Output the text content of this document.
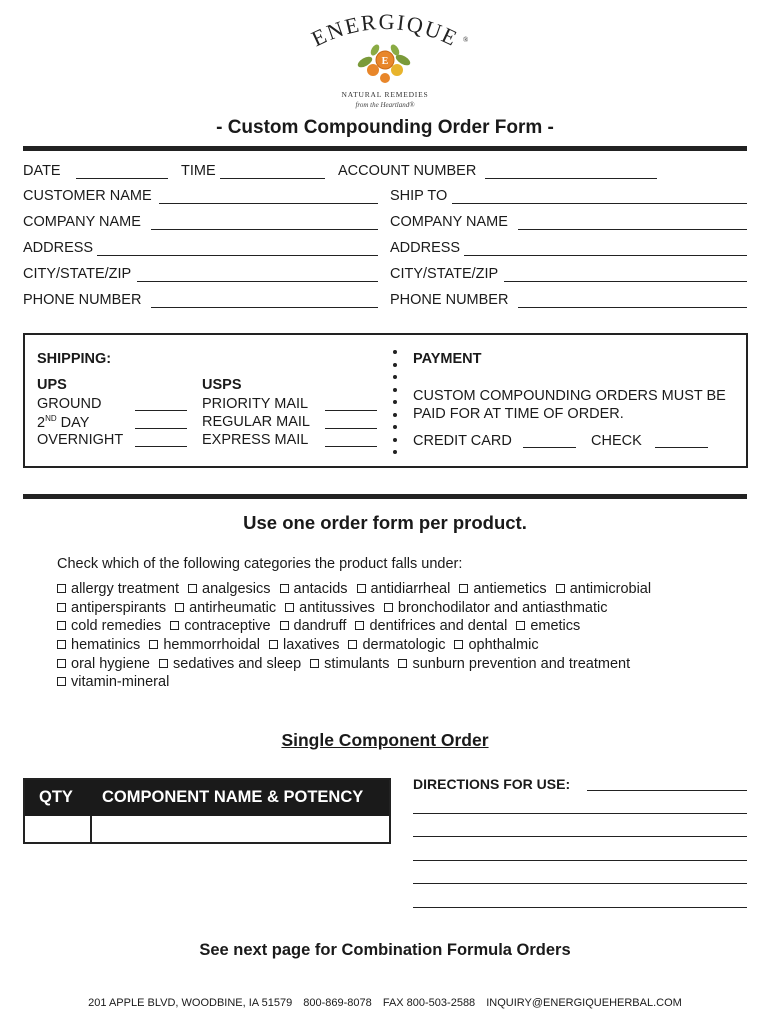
ENERGIQUE ®
E
NATURAL REMEDIES
from the Heartland®
- Custom Compounding Order Form -
DATE	TIME	ACCOUNT NUMBER
CUSTOMER NAME
COMPANY NAME
ADDRESS
CITY/STATE/ZIP
PHONE NUMBER
SHIP TO
COMPANY NAME
ADDRESS
CITY/STATE/ZIP
PHONE NUMBER
SHIPPING:
UPS
GROUND
2ND DAY
OVERNIGHT
USPS
PRIORITY MAIL
REGULAR MAIL
EXPRESS MAIL
PAYMENT
CUSTOM COMPOUNDING ORDERS MUST BE
PAID FOR AT TIME OF ORDER.
CREDIT CARD	CHECK
Use one order form per product.
Check which of the following categories the product falls under:
allergy treatment analgesics antacids antidiarrheal antiemetics antimicrobial
antiperspirants antirheumatic antitussives bronchodilator and antiasthmatic
cold remedies contraceptive dandruff dentifrices and dental emetics
hematinics hemmorrhoidal laxatives dermatologic ophthalmic
oral hygiene sedatives and sleep stimulants sunburn prevention and treatment
vitamin-mineral
Single Component Order
QTY COMPONENT NAME & POTENCY
DIRECTIONS FOR USE:
See next page for Combination Formula Orders
201 APPLE BLVD, WOODBINE, IA 51579 800-869-8078 FAX 800-503-2588 INQUIRY@ENERGIQUEHERBAL.COM
